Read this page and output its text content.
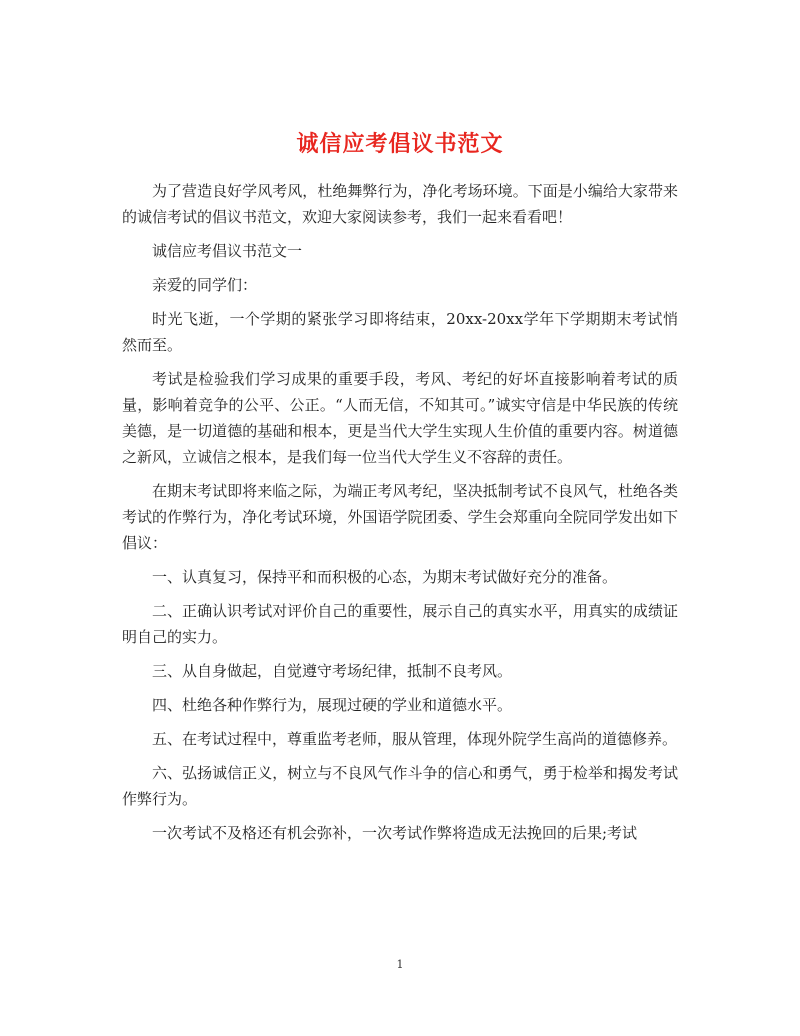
诚信应考倡议书范文

为了营造良好学风考风，杜绝舞弊行为，净化考场环境。下面是小编给大家带来的诚信考试的倡议书范文，欢迎大家阅读参考，我们一起来看看吧！

诚信应考倡议书范文一

亲爱的同学们：

时光飞逝，一个学期的紧张学习即将结束，20xx-20xx学年下学期期末考试悄然而至。

考试是检验我们学习成果的重要手段，考风、考纪的好坏直接影响着考试的质量，影响着竞争的公平、公正。“人而无信，不知其可。”诚实守信是中华民族的传统美德，是一切道德的基础和根本，更是当代大学生实现人生价值的重要内容。树道德之新风，立诚信之根本，是我们每一位当代大学生义不容辞的责任。

在期末考试即将来临之际，为端正考风考纪，坚决抵制考试不良风气，杜绝各类考试的作弊行为，净化考试环境，外国语学院团委、学生会郑重向全院同学发出如下倡议：

一、认真复习，保持平和而积极的心态，为期末考试做好充分的准备。

二、正确认识考试对评价自己的重要性，展示自己的真实水平，用真实的成绩证明自己的实力。

三、从自身做起，自觉遵守考场纪律，抵制不良考风。

四、杜绝各种作弊行为，展现过硬的学业和道德水平。

五、在考试过程中，尊重监考老师，服从管理，体现外院学生高尚的道德修养。

六、弘扬诚信正义，树立与不良风气作斗争的信心和勇气，勇于检举和揭发考试作弊行为。

一次考试不及格还有机会弥补，一次考试作弊将造成无法挽回的后果;考试

1
